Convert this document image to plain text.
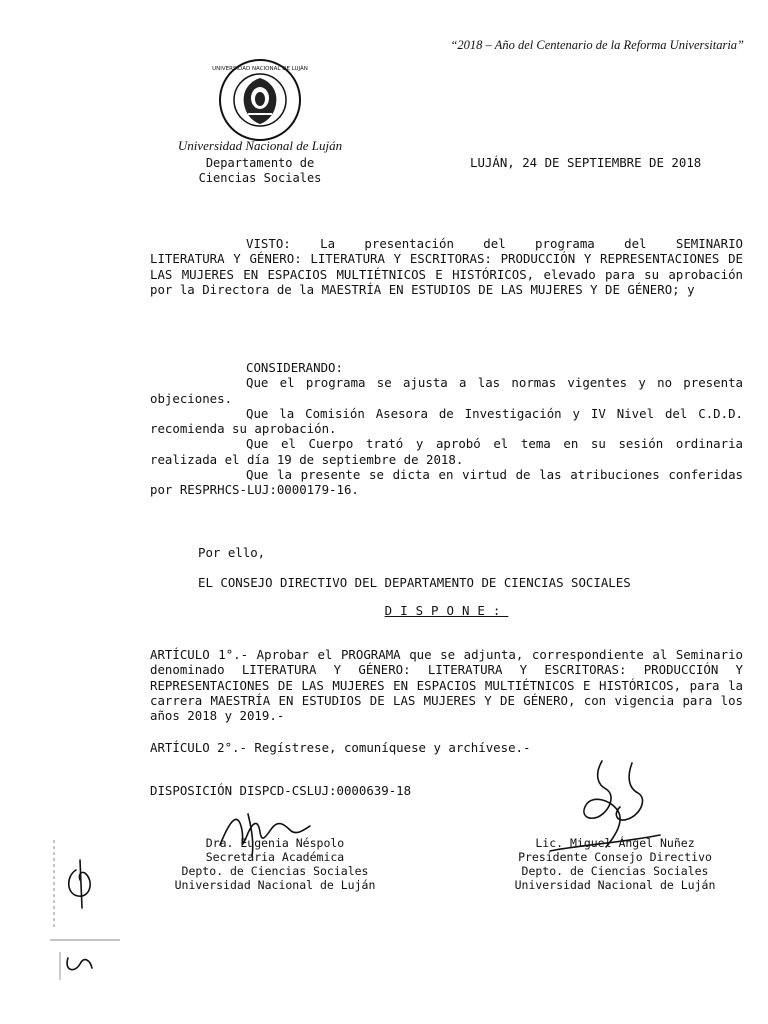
“2018 – Año del Centenario de la Reforma Universitaria”
UNIVERSIDAD NACIONAL DE LUJÁN
Universidad Nacional de Luján
Departamento de
Ciencias Sociales
LUJÁN, 24 DE SEPTIEMBRE DE 2018

VISTO: La presentación del programa del SEMINARIO

LITERATURA Y GÉNERO: LITERATURA Y ESCRITORAS: PRODUCCIÓN Y REPRESENTACIONES DE LAS MUJERES EN ESPACIOS MULTIÉTNICOS E HISTÓRICOS, elevado para su aprobación por la Directora de la MAESTRÍA EN ESTUDIOS DE LAS MUJERES Y DE GÉNERO; y

CONSIDERANDO:

Que el programa se ajusta a las normas vigentes y no presenta objeciones.

Que la Comisión Asesora de Investigación y IV Nivel del C.D.D. recomienda su aprobación.

Que el Cuerpo trató y aprobó el tema en su sesión ordinaria realizada el día 19 de septiembre de 2018.

Que la presente se dicta en virtud de las atribuciones conferidas por RESPRHCS-LUJ:0000179-16.

Por ello,
EL CONSEJO DIRECTIVO DEL DEPARTAMENTO DE CIENCIAS SOCIALES
DISPONE:

ARTÍCULO 1°.- Aprobar el PROGRAMA que se adjunta, correspondiente al Seminario denominado LITERATURA Y GÉNERO: LITERATURA Y ESCRITORAS: PRODUCCIÓN Y REPRESENTACIONES DE LAS MUJERES EN ESPACIOS MULTIÉTNICOS E HISTÓRICOS, para la carrera MAESTRÍA EN ESTUDIOS DE LAS MUJERES Y DE GÉNERO, con vigencia para los años 2018 y 2019.-

ARTÍCULO 2°.- Regístrese, comuníquese y archívese.-

DISPOSICIÓN DISPCD-CSLUJ:0000639-18
Dra. Eugenia Néspolo
Secretaria Académica
Depto. de Ciencias Sociales
Universidad Nacional de Luján
Lic. Miguel Ángel Nuñez
Presidente Consejo Directivo
Depto. de Ciencias Sociales
Universidad Nacional de Luján
